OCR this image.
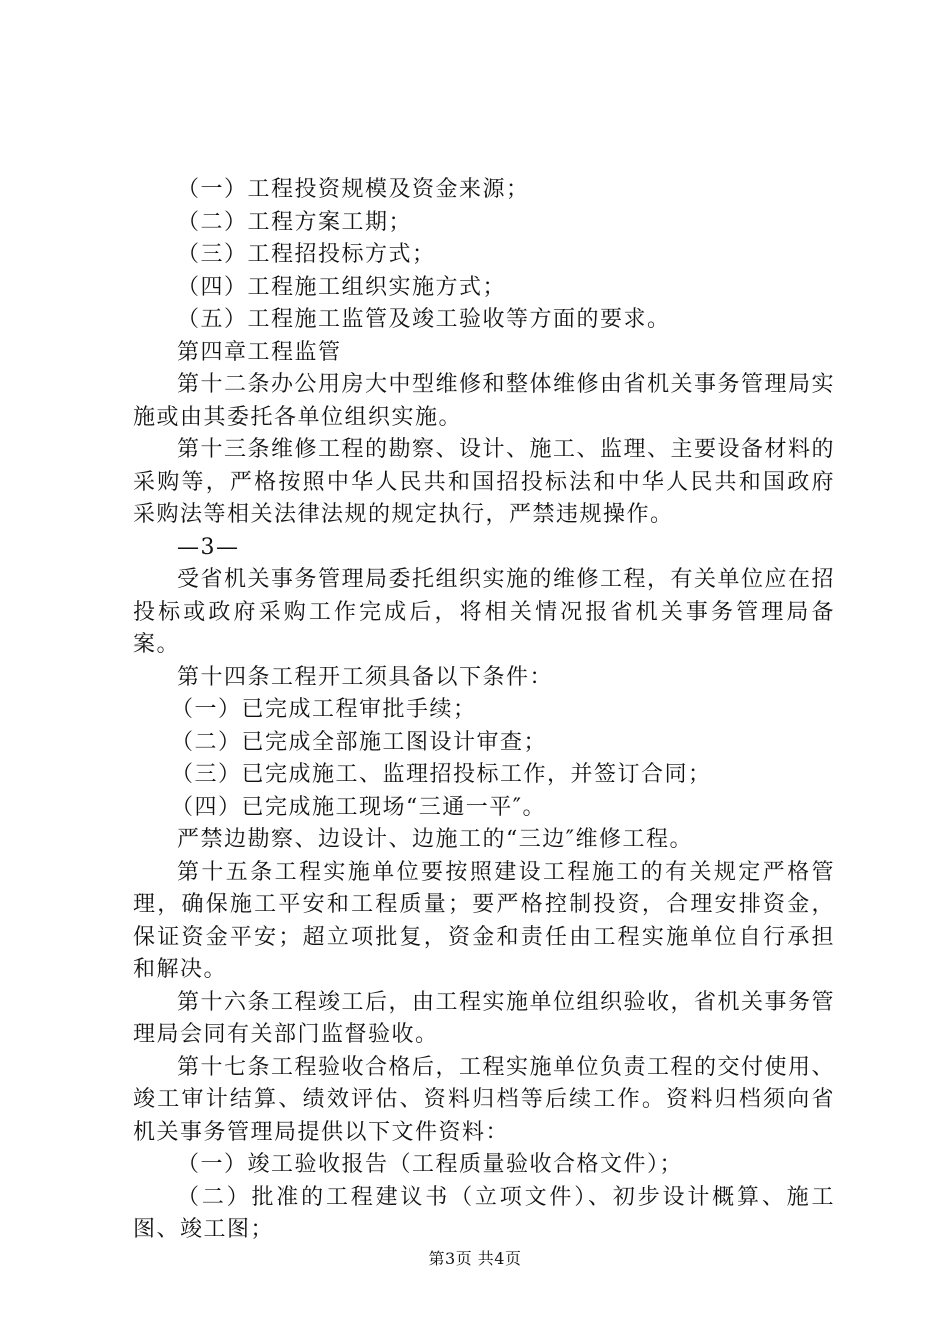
（一）工程投资规模及资金来源；
（二）工程方案工期；
（三）工程招投标方式；
（四）工程施工组织实施方式；
（五）工程施工监管及竣工验收等方面的要求。
第四章工程监管

第十二条办公用房大中型维修和整体维修由省机关事务管理局实施或由其委托各单位组织实施。

第十三条维修工程的勘察、设计、施工、监理、主要设备材料的采购等，严格按照中华人民共和国招投标法和中华人民共和国政府采购法等相关法律法规的规定执行，严禁违规操作。

—3—

受省机关事务管理局委托组织实施的维修工程，有关单位应在招投标或政府采购工作完成后，将相关情况报省机关事务管理局备案。

第十四条工程开工须具备以下条件：
（一）已完成工程审批手续；
（二）已完成全部施工图设计审查；
（三）已完成施工、监理招投标工作，并签订合同；
（四）已完成施工现场“三通一平″。
严禁边勘察、边设计、边施工的“三边″维修工程。

第十五条工程实施单位要按照建设工程施工的有关规定严格管理，确保施工平安和工程质量；要严格控制投资，合理安排资金，保证资金平安；超立项批复，资金和责任由工程实施单位自行承担和解决。

第十六条工程竣工后，由工程实施单位组织验收，省机关事务管理局会同有关部门监督验收。

第十七条工程验收合格后，工程实施单位负责工程的交付使用、竣工审计结算、绩效评估、资料归档等后续工作。资料归档须向省机关事务管理局提供以下文件资料：

（一）竣工验收报告（工程质量验收合格文件）；

（二）批准的工程建议书（立项文件）、初步设计概算、施工图、竣工图；

第3页 共4页
